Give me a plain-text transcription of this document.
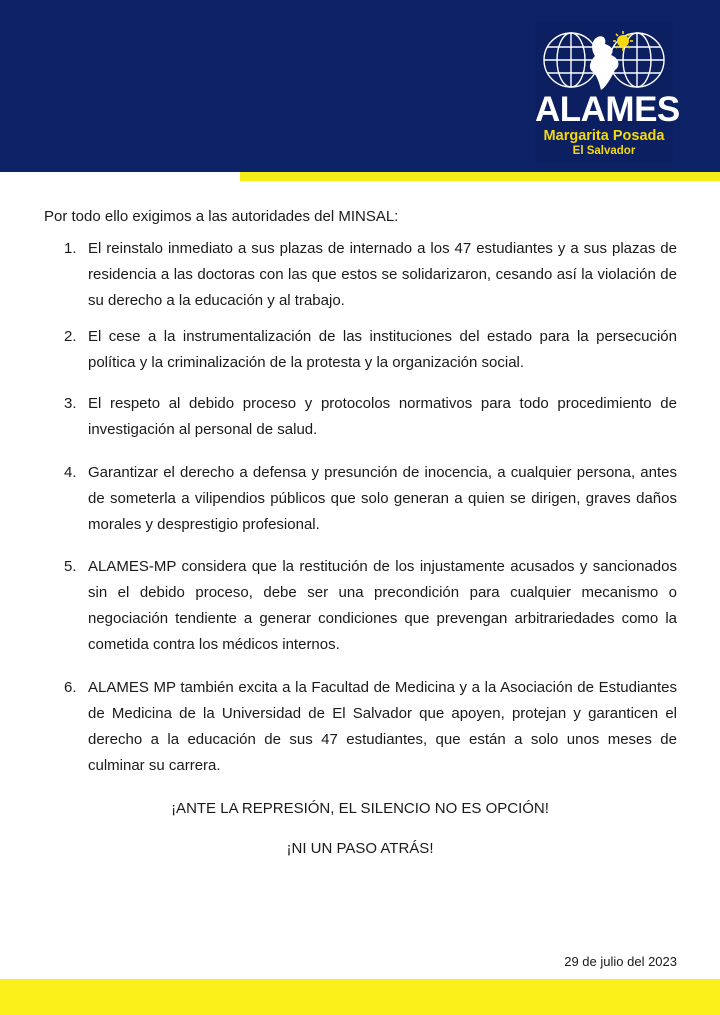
ALAMES
Margarita Posada
El Salvador
Por todo ello exigimos a las autoridades del MINSAL:
1. El reinstalo inmediato a sus plazas de internado a los 47 estudiantes y a sus plazas de residencia a las doctoras con las que estos se solidarizaron, cesando así la violación de su derecho a la educación y al trabajo.
2. El cese a la instrumentalización de las instituciones del estado para la persecución política y la criminalización de la protesta y la organización social.
3. El respeto al debido proceso y protocolos normativos para todo procedimiento de investigación al personal de salud.
4. Garantizar el derecho a defensa y presunción de inocencia, a cualquier persona, antes de someterla a vilipendios públicos que solo generan a quien se dirigen, graves daños morales y desprestigio profesional.
5. ALAMES-MP considera que la restitución de los injustamente acusados y sancionados sin el debido proceso, debe ser una precondición para cualquier mecanismo o negociación tendiente a generar condiciones que prevengan arbitrariedades como la cometida contra los médicos internos.
6. ALAMES MP también excita a la Facultad de Medicina y a la Asociación de Estudiantes de Medicina de la Universidad de El Salvador que apoyen, protejan y garanticen el derecho a la educación de sus 47 estudiantes, que están a solo unos meses de culminar su carrera.
¡ANTE LA REPRESIÓN, EL SILENCIO NO ES OPCIÓN!
¡NI UN PASO ATRÁS!
29 de julio del 2023
